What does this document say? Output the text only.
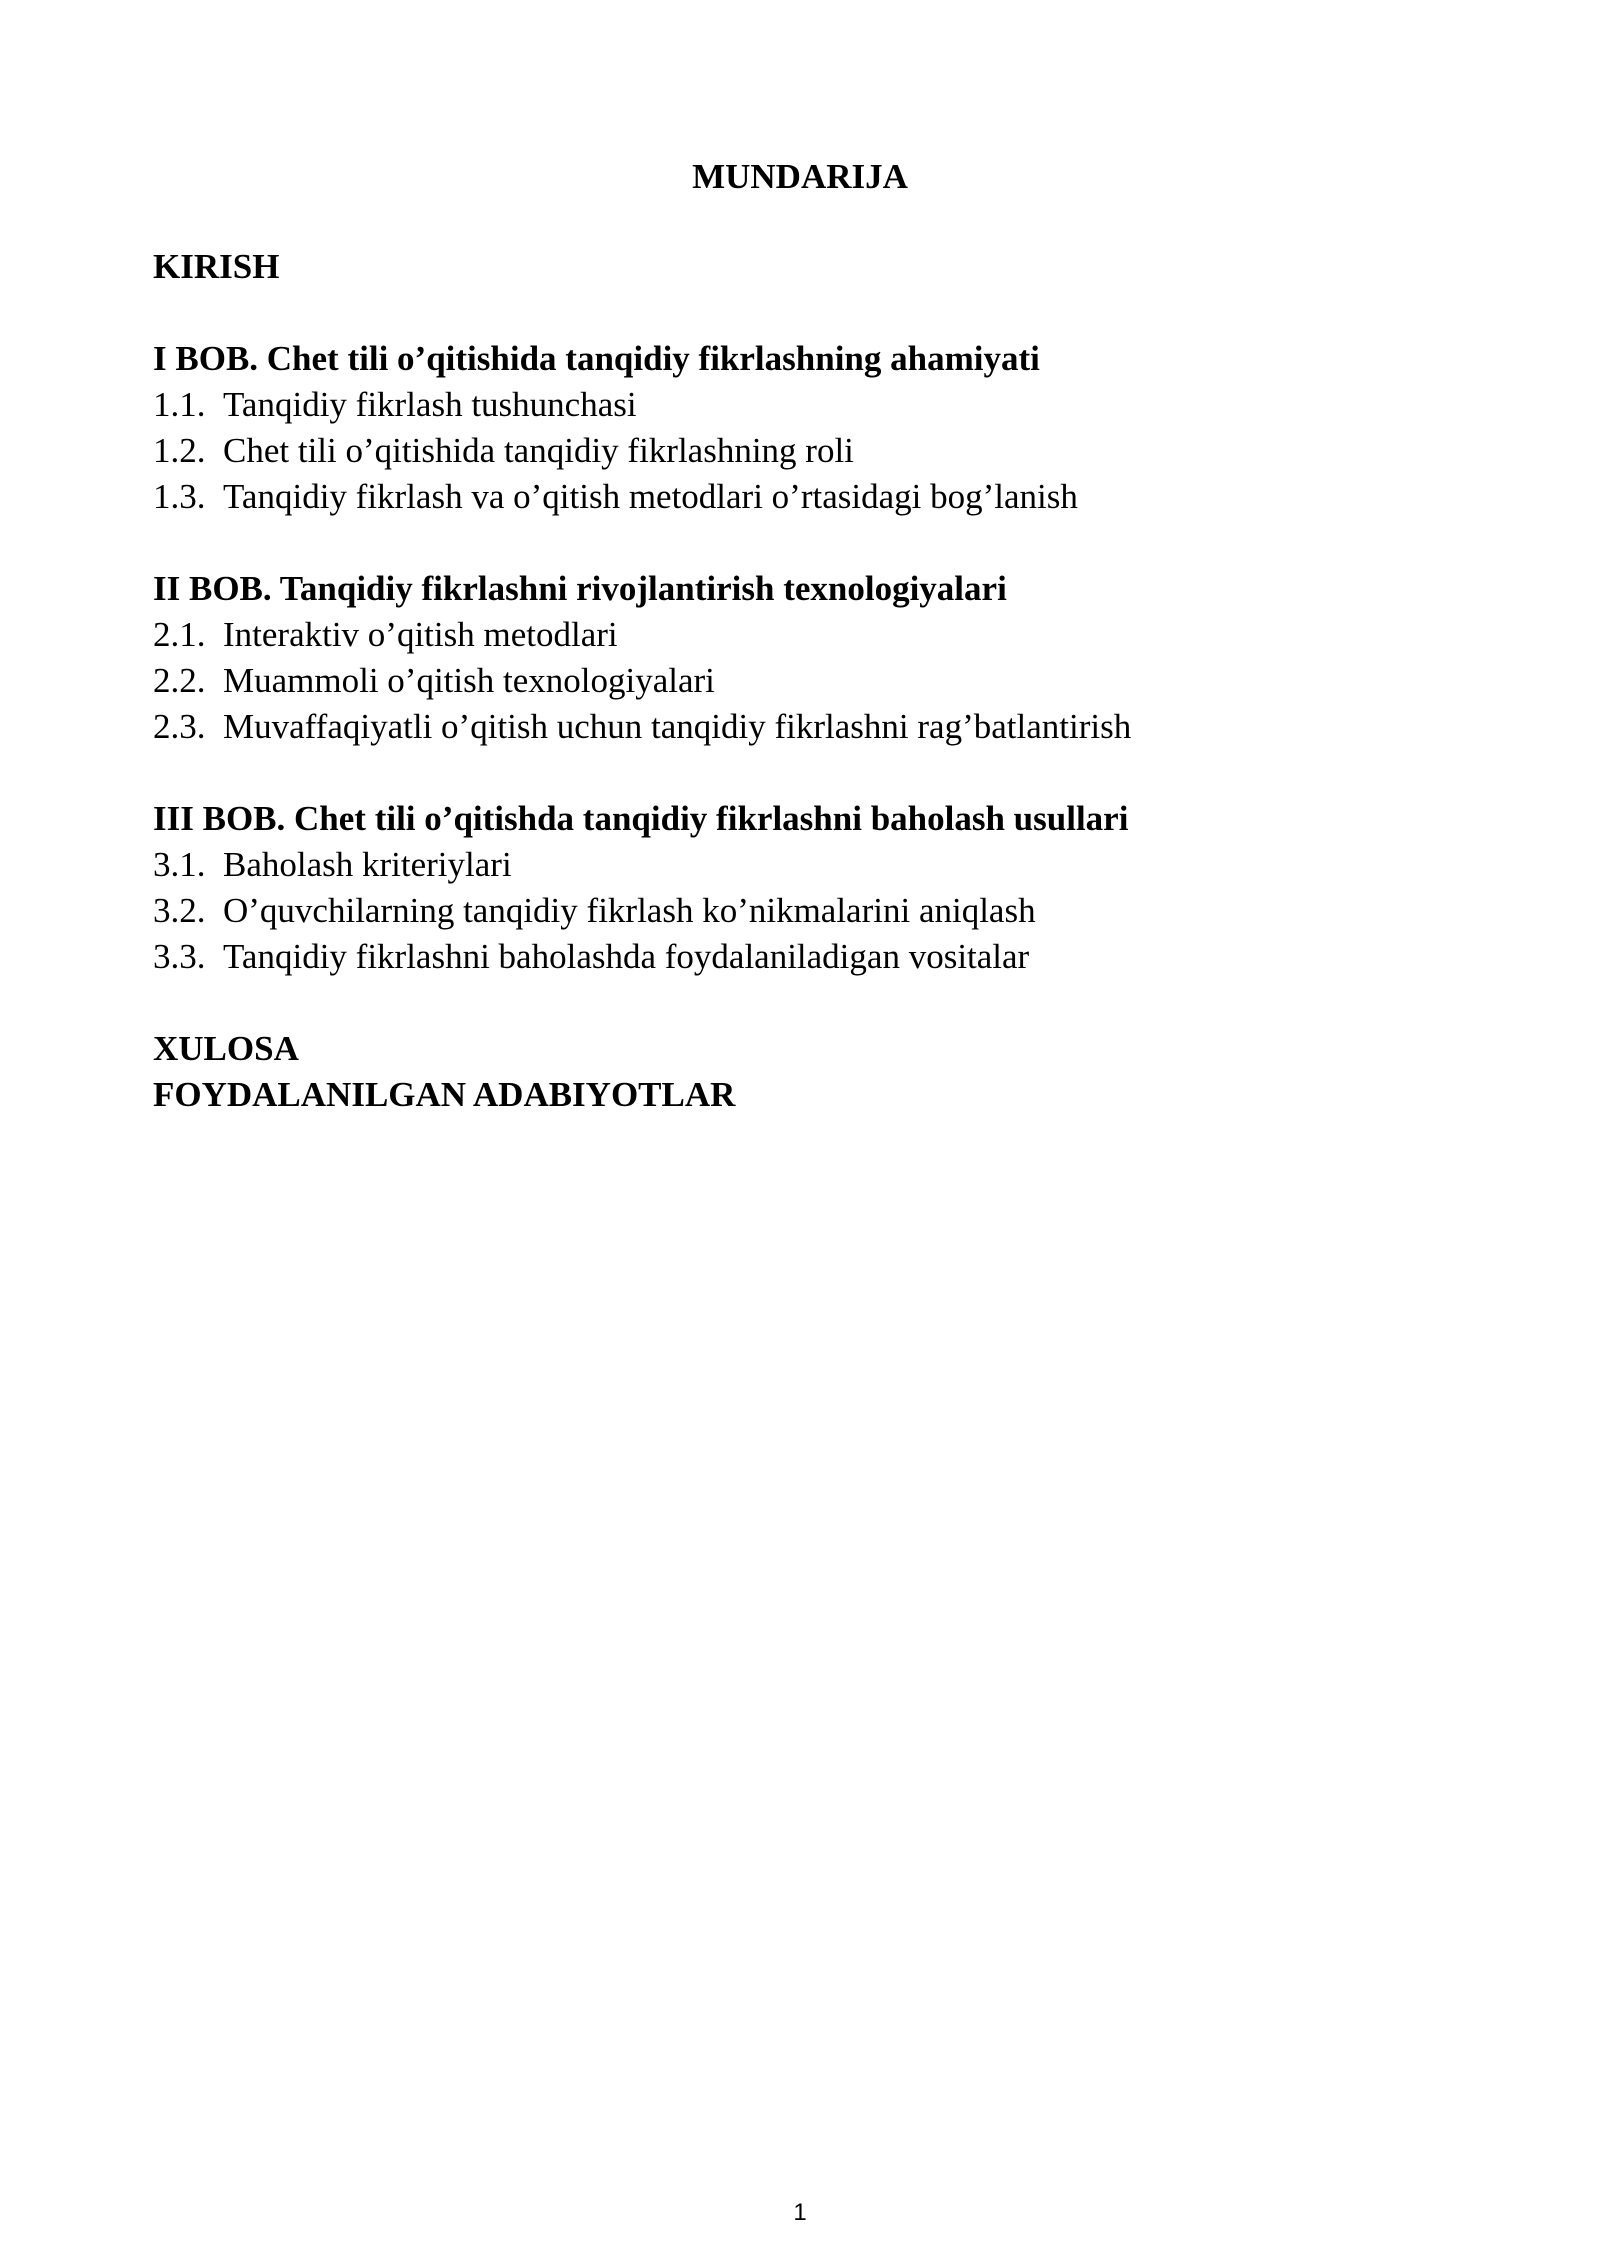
MUNDARIJA
KIRISH
I BOB. Chet tili o’qitishida tanqidiy fikrlashning ahamiyati
1.1. Tanqidiy fikrlash tushunchasi
1.2. Chet tili o’qitishida tanqidiy fikrlashning roli
1.3. Tanqidiy fikrlash va o’qitish metodlari o’rtasidagi bog’lanish
II BOB. Tanqidiy fikrlashni rivojlantirish texnologiyalari
2.1. Interaktiv o’qitish metodlari
2.2. Muammoli o’qitish texnologiyalari
2.3. Muvaffaqiyatli o’qitish uchun tanqidiy fikrlashni rag’batlantirish
III BOB. Chet tili o’qitishda tanqidiy fikrlashni baholash usullari
3.1. Baholash kriteriylari
3.2. O’quvchilarning tanqidiy fikrlash ko’nikmalarini aniqlash
3.3. Tanqidiy fikrlashni baholashda foydalaniladigan vositalar
XULOSA
FOYDALANILGAN ADABIYOTLAR
1
